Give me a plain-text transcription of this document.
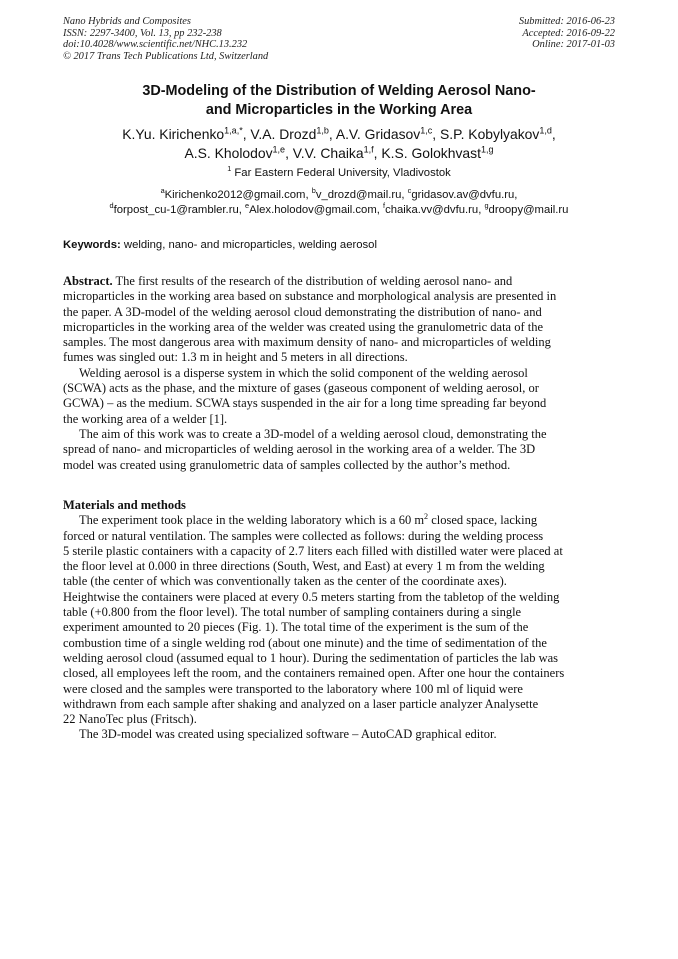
Nano Hybrids and Composites
ISSN: 2297-3400, Vol. 13, pp 232-238
doi:10.4028/www.scientific.net/NHC.13.232
© 2017 Trans Tech Publications Ltd, Switzerland
Submitted: 2016-06-23
Accepted: 2016-09-22
Online: 2017-01-03
3D-Modeling of the Distribution of Welding Aerosol Nano-
and Microparticles in the Working Area
K.Yu. Kirichenko$^{1,a,*}$, V.A. Drozd$^{1,b}$, A.V. Gridasov$^{1,c}$, S.P. Kobylyakov$^{1,d}$,
A.S. Kholodov$^{1,e}$, V.V. Chaika$^{1,f}$, K.S. Golokhvast$^{1,g}$
$^1$ Far Eastern Federal University, Vladivostok
$^a$Kirichenko2012@gmail.com, $^b$v_drozd@mail.ru, $^c$gridasov.av@dvfu.ru,
$^d$forpost_cu-1@rambler.ru, $^e$Alex.holodov@gmail.com, $^f$chaika.vv@dvfu.ru, $^g$droopy@mail.ru
Keywords: welding, nano- and microparticles, welding aerosol

Abstract. The first results of the research of the distribution of welding aerosol nano- and
microparticles in the working area based on substance and morphological analysis are presented in
the paper. A 3D-model of the welding aerosol cloud demonstrating the distribution of nano- and
microparticles in the working area of the welder was created using the granulometric data of the
samples. The most dangerous area with maximum density of nano- and microparticles of welding
fumes was singled out: 1.3 m in height and 5 meters in all directions.

Welding aerosol is a disperse system in which the solid component of the welding aerosol
(SCWA) acts as the phase, and the mixture of gases (gaseous component of welding aerosol, or
GCWA) – as the medium. SCWA stays suspended in the air for a long time spreading far beyond
the working area of a welder [1].

The aim of this work was to create a 3D-model of a welding aerosol cloud, demonstrating the
spread of nano- and microparticles of welding aerosol in the working area of a welder. The 3D
model was created using granulometric data of samples collected by the author’s method.

Materials and methods

The experiment took place in the welding laboratory which is a 60 $m^2$ closed space, lacking
forced or natural ventilation. The samples were collected as follows: during the welding process
5 sterile plastic containers with a capacity of 2.7 liters each filled with distilled water were placed at
the floor level at 0.000 in three directions (South, West, and East) at every 1 m from the welding
table (the center of which was conventionally taken as the center of the coordinate axes).
Heightwise the containers were placed at every 0.5 meters starting from the tabletop of the welding
table (+0.800 from the floor level). The total number of sampling containers during a single
experiment amounted to 20 pieces (Fig. 1). The total time of the experiment is the sum of the
combustion time of a single welding rod (about one minute) and the time of sedimentation of the
welding aerosol cloud (assumed equal to 1 hour). During the sedimentation of particles the lab was
closed, all employees left the room, and the containers remained open. After one hour the containers
were closed and the samples were transported to the laboratory where 100 ml of liquid were
withdrawn from each sample after shaking and analyzed on a laser particle analyzer Analysette
22 NanoTec plus (Fritsch).

The 3D-model was created using specialized software – AutoCAD graphical editor.
